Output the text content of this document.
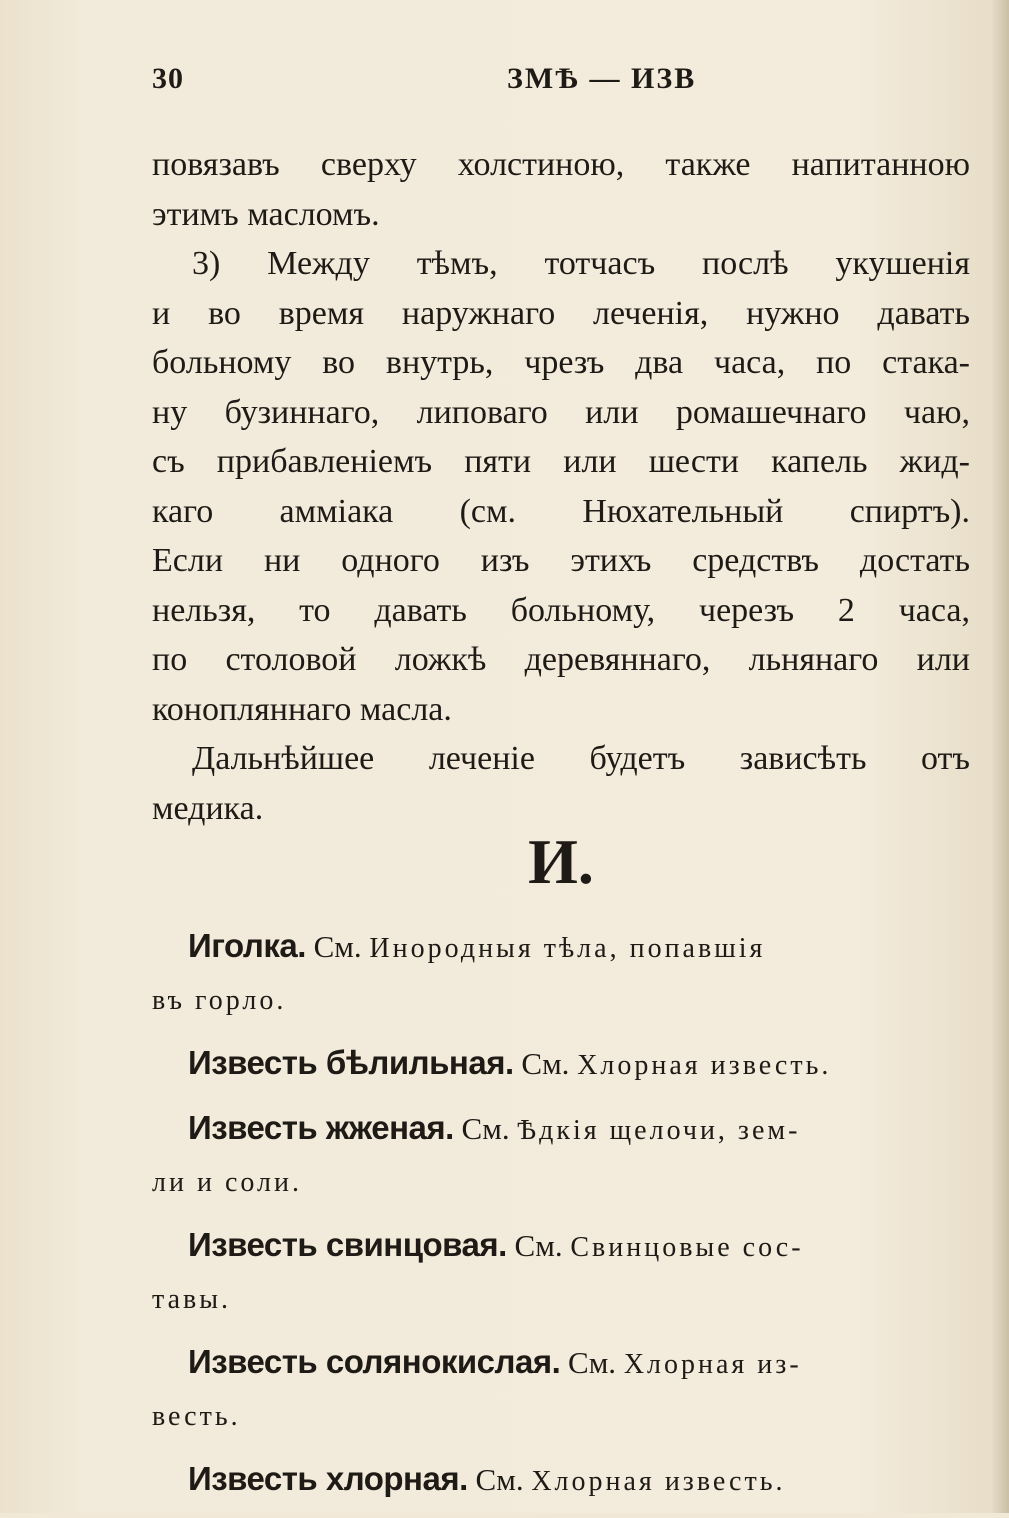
30	ЗМѢ — ИЗВ
повязавъ сверху холстиною, также напитанною
этимъ масломъ.
3) Между тѣмъ, тотчасъ послѣ укушенія
и во время наружнаго леченія, нужно давать
больному во внутрь, чрезъ два часа, по стака-
ну бузиннаго, липоваго или ромашечнаго чаю,
съ прибавленіемъ пяти или шести капель жид-
каго амміака (см. Нюхательный спиртъ).
Если ни одного изъ этихъ средствъ достать
нельзя, то давать больному, черезъ 2 часа,
по столовой ложкѣ деревяннаго, льнянаго или
конопляннаго масла.
Дальнѣйшее леченіе будетъ зависѣть отъ
медика.
И.
Иголка. См. Инородныя тѣла, попавшія
въ горло.
Известь бѣлильная. См. Хлорная известь.
Известь жженая. См. Ѣдкія щелочи, зем-
ли и соли.
Известь свинцовая. См. Свинцовые сос-
тавы.
Известь солянокислая. См. Хлорная из-
весть.
Известь хлорная. См. Хлорная известь.
